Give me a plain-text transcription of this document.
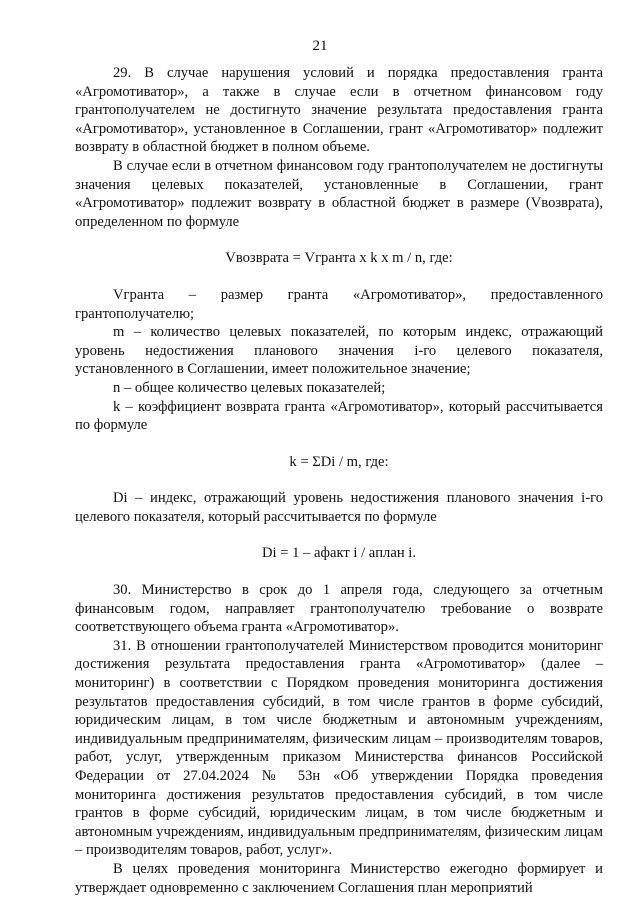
21

29. В случае нарушения условий и порядка предоставления гранта «Агромотиватор», а также в случае если в отчетном финансовом году грантополучателем не достигнуто значение результата предоставления гранта «Агромотиватор», установленное в Соглашении, грант «Агромотиватор» подлежит возврату в областной бюджет в полном объеме.

В случае если в отчетном финансовом году грантополучателем не достигнуты значения целевых показателей, установленные в Соглашении, грант «Агромотиватор» подлежит возврату в областной бюджет в размере (Vвозврата), определенном по формуле

Vвозврата = Vгранта x k x m / n, где:

Vгранта – размер гранта «Агромотиватор», предоставленного грантополучателю;

m – количество целевых показателей, по которым индекс, отражающий уровень недостижения планового значения i-го целевого показателя, установленного в Соглашении, имеет положительное значение;

n – общее количество целевых показателей;

k – коэффициент возврата гранта «Агромотиватор», который рассчитывается по формуле

k = ΣDi / m, где:

Di – индекс, отражающий уровень недостижения планового значения i-го целевого показателя, который рассчитывается по формуле

Di = 1 – aфакт i / aплан i.

30. Министерство в срок до 1 апреля года, следующего за отчетным финансовым годом, направляет грантополучателю требование о возврате соответствующего объема гранта «Агромотиватор».

31. В отношении грантополучателей Министерством проводится мониторинг достижения результата предоставления гранта «Агромотиватор» (далее – мониторинг) в соответствии с Порядком проведения мониторинга достижения результатов предоставления субсидий, в том числе грантов в форме субсидий, юридическим лицам, в том числе бюджетным и автономным учреждениям, индивидуальным предпринимателям, физическим лицам – производителям товаров, работ, услуг, утвержденным приказом Министерства финансов Российской Федерации от 27.04.2024 № 53н «Об утверждении Порядка проведения мониторинга достижения результатов предоставления субсидий, в том числе грантов в форме субсидий, юридическим лицам, в том числе бюджетным и автономным учреждениям, индивидуальным предпринимателям, физическим лицам – производителям товаров, работ, услуг».

В целях проведения мониторинга Министерство ежегодно формирует и утверждает одновременно с заключением Соглашения план мероприятий
